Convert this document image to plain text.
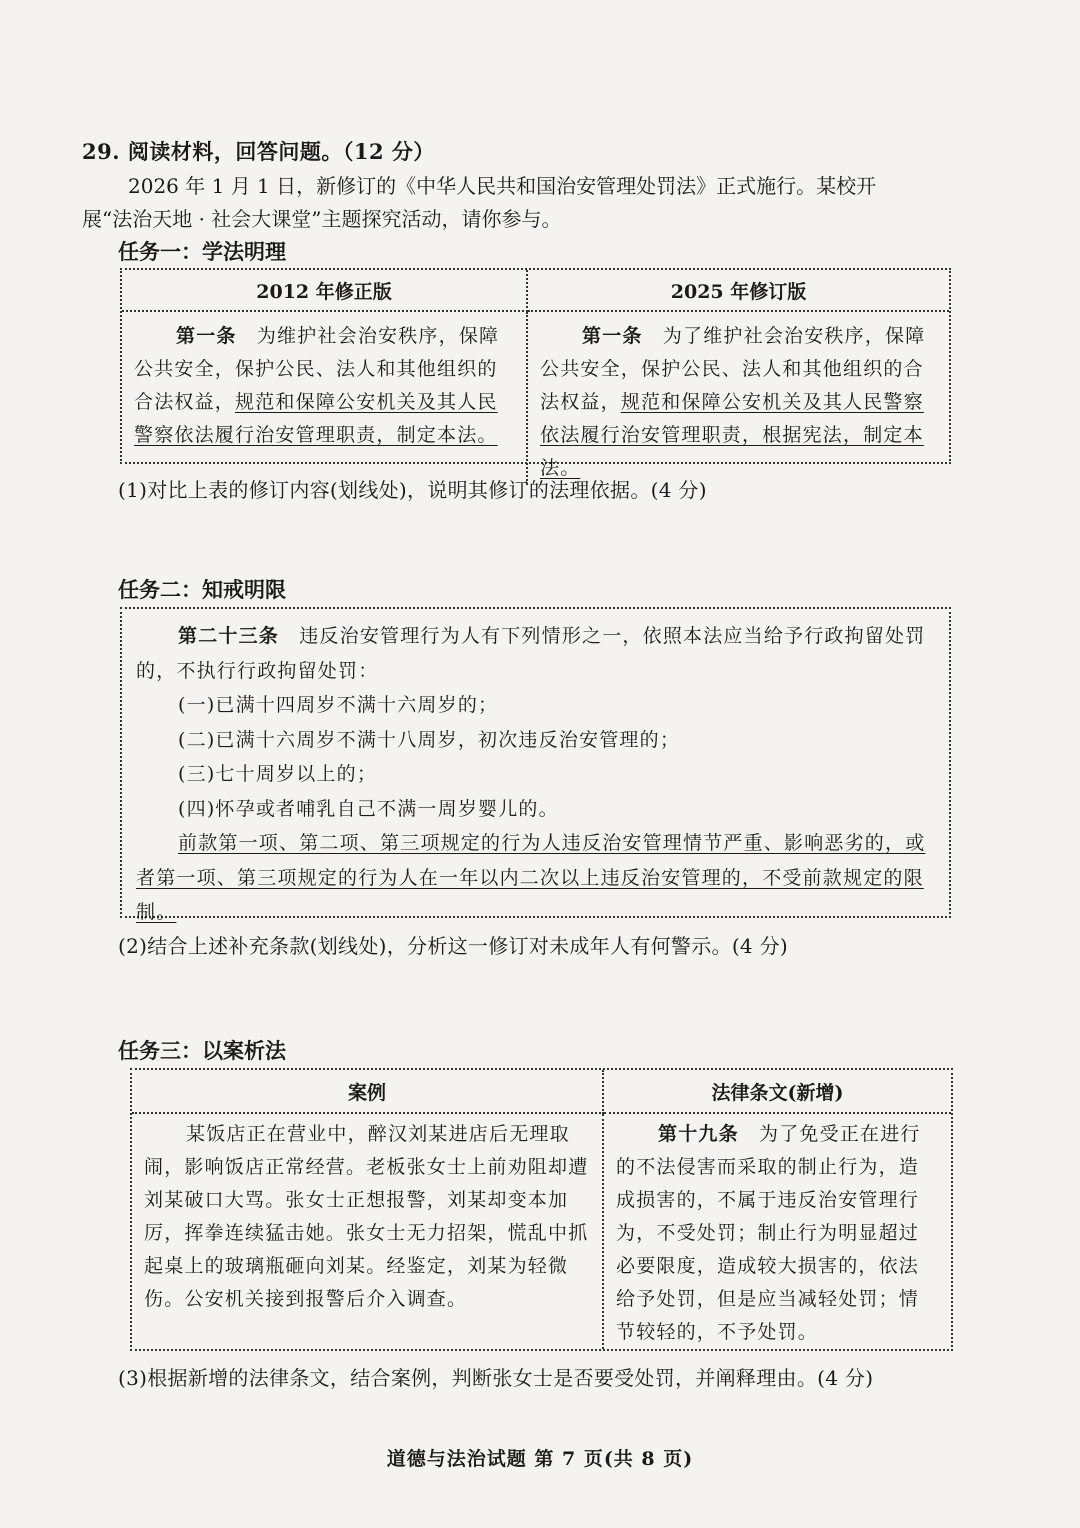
29. 阅读材料，回答问题。（12 分）
2026 年 1 月 1 日，新修订的《中华人民共和国治安管理处罚法》正式施行。某校开展“法治天地 · 社会大课堂”主题探究活动，请你参与。
任务一：学法明理
2012 年修正版	2025 年修订版
第一条  为维护社会治安秩序，保障公共安全，保护公民、法人和其他组织的合法权益，规范和保障公安机关及其人民警察依法履行治安管理职责，制定本法。
第一条  为了维护社会治安秩序，保障公共安全，保护公民、法人和其他组织的合法权益，规范和保障公安机关及其人民警察依法履行治安管理职责，根据宪法，制定本法。
(1)对比上表的修订内容(划线处)，说明其修订的法理依据。(4 分)
任务二：知戒明限

第二十三条  违反治安管理行为人有下列情形之一，依照本法应当给予行政拘留处罚的，不执行行政拘留处罚：

(一)已满十四周岁不满十六周岁的；

(二)已满十六周岁不满十八周岁，初次违反治安管理的；

(三)七十周岁以上的；

(四)怀孕或者哺乳自己不满一周岁婴儿的。

前款第一项、第二项、第三项规定的行为人违反治安管理情节严重、影响恶劣的，或者第一项、第三项规定的行为人在一年以内二次以上违反治安管理的，不受前款规定的限制。

(2)结合上述补充条款(划线处)，分析这一修订对未成年人有何警示。(4 分)
任务三：以案析法
案例	法律条文(新增)
某饭店正在营业中，醉汉刘某进店后无理取闹，影响饭店正常经营。老板张女士上前劝阻却遭刘某破口大骂。张女士正想报警，刘某却变本加厉，挥拳连续猛击她。张女士无力招架，慌乱中抓起桌上的玻璃瓶砸向刘某。经鉴定，刘某为轻微伤。公安机关接到报警后介入调查。
第十九条  为了免受正在进行的不法侵害而采取的制止行为，造成损害的，不属于违反治安管理行为，不受处罚；制止行为明显超过必要限度，造成较大损害的，依法给予处罚，但是应当减轻处罚；情节较轻的，不予处罚。
(3)根据新增的法律条文，结合案例，判断张女士是否要受处罚，并阐释理由。(4 分)
道德与法治试题 第 7 页(共 8 页)
